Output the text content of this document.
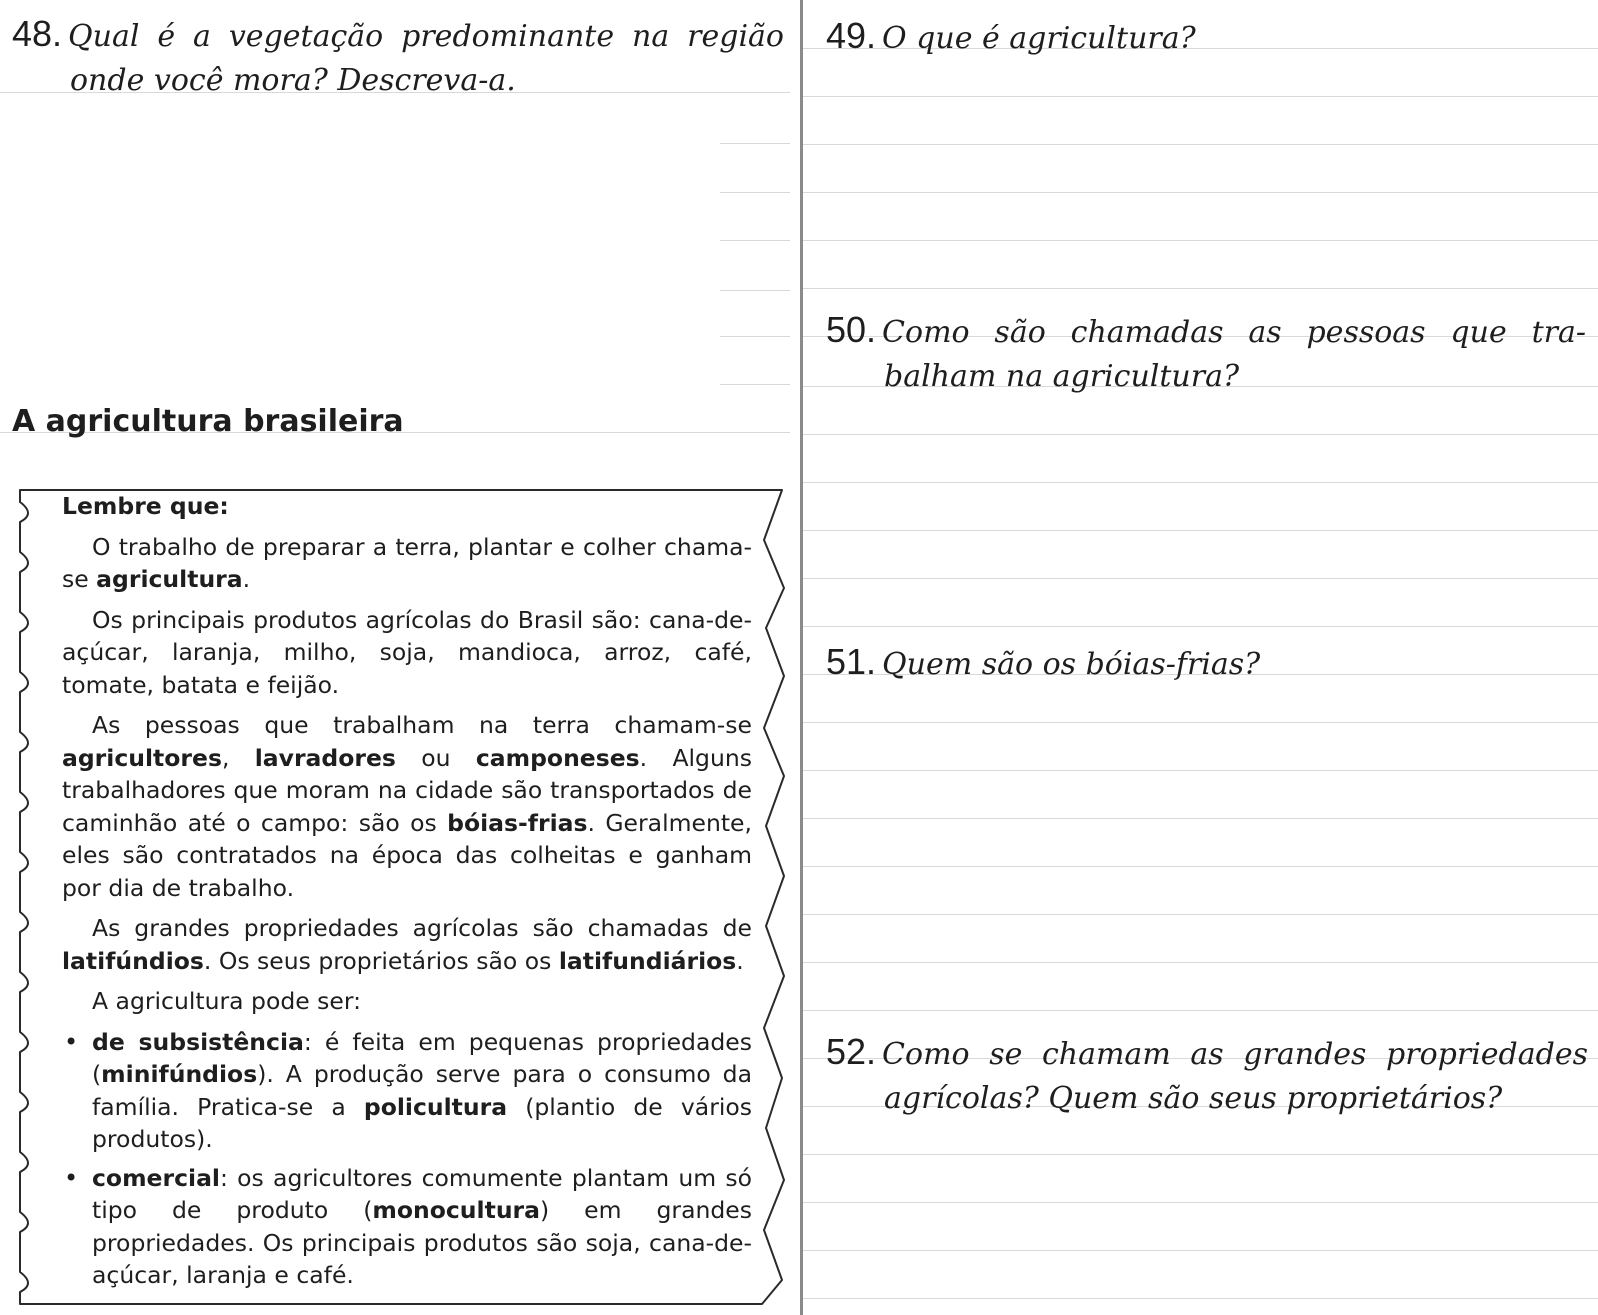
48. Qual é a vegetação predominante na região
onde você mora? Descreva-a.
49. O que é agricultura?
50. Como são chamadas as pessoas que tra-
balham na agricultura?
51. Quem são os bóias-frias?
52. Como se chamam as grandes propriedades
agrícolas? Quem são seus proprietários?
A agricultura brasileira
Lembre que:

O trabalho de preparar a terra, plantar e colher chama-se agricultura.

Os principais produtos agrícolas do Brasil são: cana-de-açúcar, laranja, milho, soja, mandioca, arroz, café, tomate, batata e feijão.

As pessoas que trabalham na terra chamam-se agricultores, lavradores ou camponeses. Alguns trabalhadores que moram na cidade são transportados de caminhão até o campo: são os bóias-frias. Geralmente, eles são contratados na época das colheitas e ganham por dia de trabalho.

As grandes propriedades agrícolas são chamadas de latifúndios. Os seus proprietários são os latifundiários.

A agricultura pode ser:

• de subsistência: é feita em pequenas propriedades (minifúndios). A produção serve para o consumo da família. Pratica-se a policultura (plantio de vários produtos).
• comercial: os agricultores comumente plantam um só tipo de produto (monocultura) em grandes propriedades. Os principais produtos são soja, cana-de-açúcar, laranja e café.
